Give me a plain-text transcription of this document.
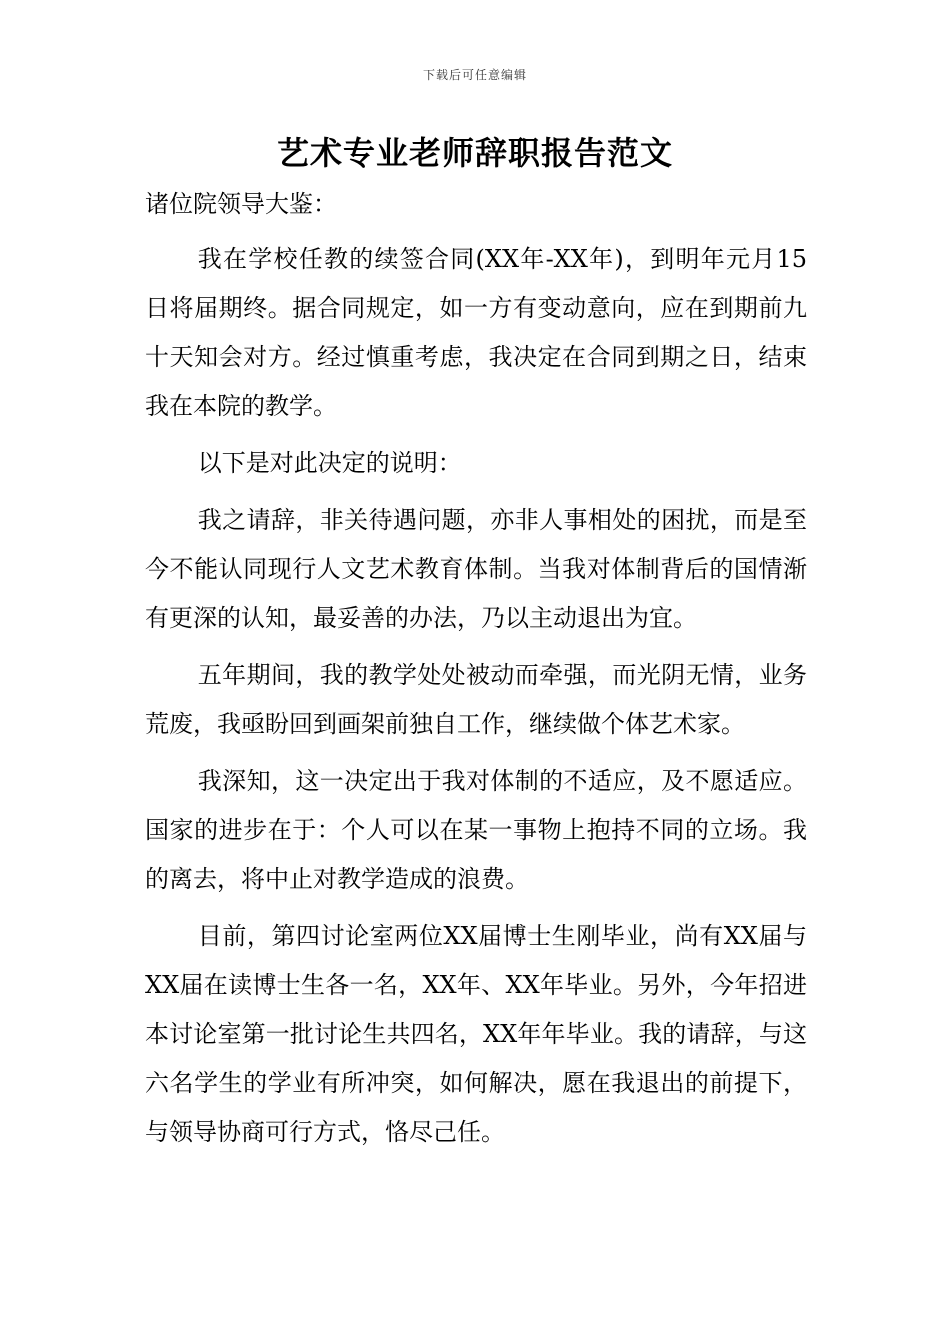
下载后可任意编辑
艺术专业老师辞职报告范文

诸位院领导大鉴：

我在学校任教的续签合同(XX年-XX年)，到明年元月15 日将届期终。据合同规定，如一方有变动意向，应在到期前九十天知会对方。经过慎重考虑，我决定在合同到期之日，结束我在本院的教学。

以下是对此决定的说明：

我之请辞，非关待遇问题，亦非人事相处的困扰，而是至今不能认同现行人文艺术教育体制。当我对体制背后的国情渐有更深的认知，最妥善的办法，乃以主动退出为宜。

五年期间，我的教学处处被动而牵强，而光阴无情，业务荒废，我亟盼回到画架前独自工作，继续做个体艺术家。

我深知，这一决定出于我对体制的不适应，及不愿适应。国家的进步在于：个人可以在某一事物上抱持不同的立场。我的离去，将中止对教学造成的浪费。

目前，第四讨论室两位XX届博士生刚毕业，尚有XX届与 XX届在读博士生各一名，XX年、XX年毕业。另外，今年招进本讨论室第一批讨论生共四名，XX年年毕业。我的请辞，与这六名学生的学业有所冲突，如何解决，愿在我退出的前提下，与领导协商可行方式，恪尽己任。
